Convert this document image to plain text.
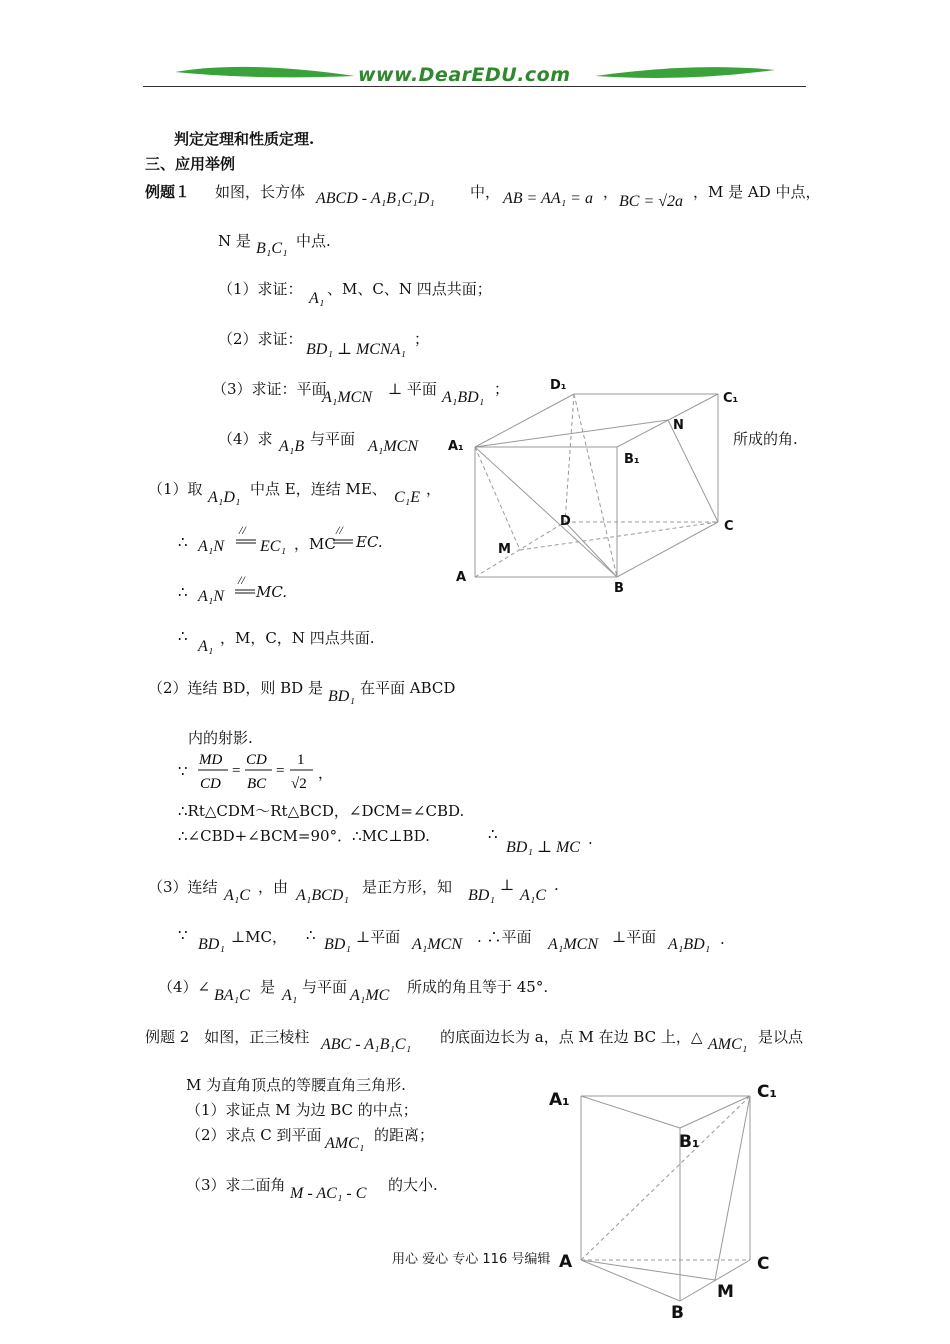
www.DearEDU.com
判定定理和性质定理.
三、应用举例
例题１ 如图，长方体 ABCD - A₁B₁C₁D₁ 中， AB = AA₁ = a ，
BC = √2a
，M 是 AD 中点，
N 是 B₁C₁ 中点.
（1）求证：
A₁
、M、C、N 四点共面；
（2）求证：
BD₁ ⊥ MCNA₁
；
（3）求证：平面
A₁MCN ⊥ 平面 A₁BD₁ ；
（4）求 A₁B 与平面 A₁MCN	所成的角.
（1）取 A₁D₁ 中点 E，连结 ME、 C₁E ，
∴ A₁N
//
EC₁ ，MC
//
EC.
∴ A₁N
//
MC.
∴
A₁ ，M，C，N 四点共面.
（2）连结 BD，则 BD 是 BD₁ 在平面 ABCD
内的射影.
∵
MD
CD
=
CD
BC
=
1
√2
，
∴Rt△CDM～Rt△BCD，∠DCM=∠CBD.
∴∠CBD+∠BCM=90°．∴MC⊥BD.	∴
BD₁ ⊥ MC .
（3）连结 A₁C ，由 A₁BCD₁ 是正方形，知 BD₁
⊥
A₁C
.
∵
BD₁ ⊥MC， ∴
BD₁ ⊥平面 A₁MCN . ∴平面 A₁MCN ⊥平面 A₁BD₁ .
（4）∠ BA₁C 是 A₁ 与平面 A₁MC 所成的角且等于 45°.
例题 2　如图，正三棱柱 ABC - A₁B₁C₁ 的底面边长为 a，点 M 在边 BC 上，△ AMC₁ 是以点
M 为直角顶点的等腰直角三角形.
（1）求证点 M 为边 BC 的中点；
（2）求点 C 到平面 AMC₁ 的距离；
（3）求二面角 M - AC₁ - C 的大小.
D₁
C₁
A₁
B₁
N
D	C
M
A
B
A₁	C₁
B₁
A	C
M
B
用心 爱心 专心 116 号编辑
